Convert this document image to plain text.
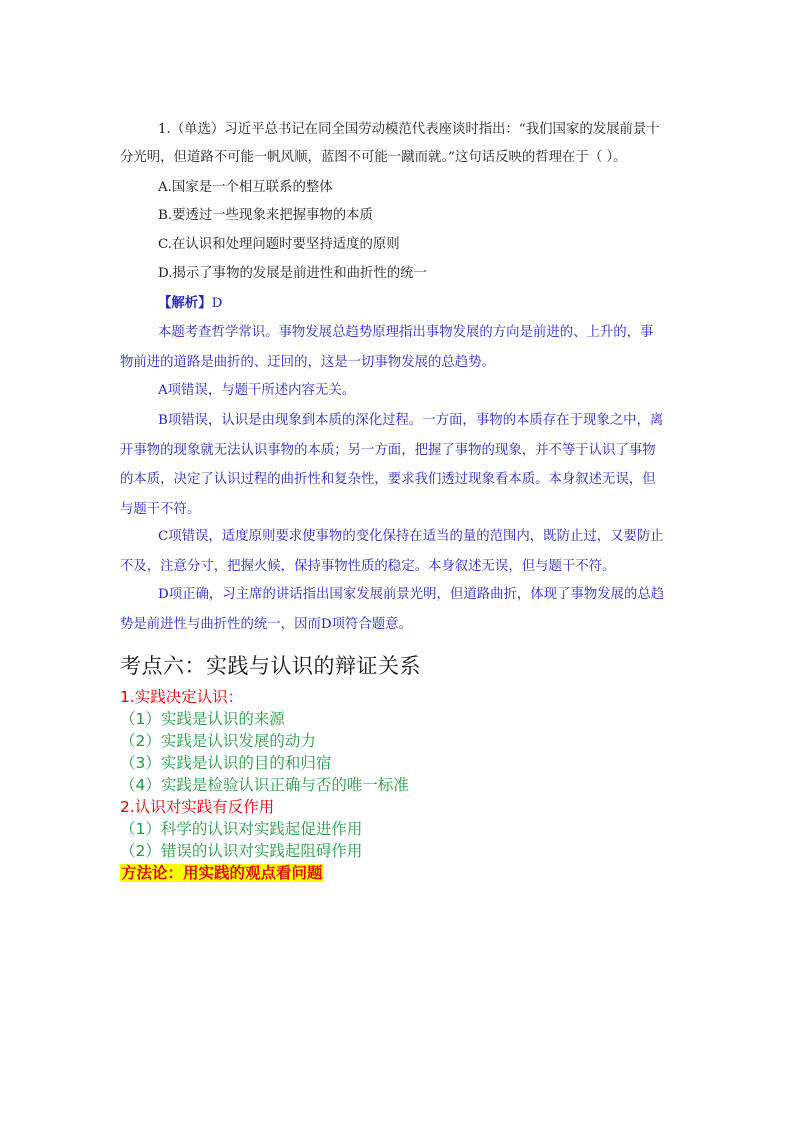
1.（单选）习近平总书记在同全国劳动模范代表座谈时指出：“我们国家的发展前景十分光明，但道路不可能一帆风顺，蓝图不可能一蹴而就。”这句话反映的哲理在于（ ）。

A.国家是一个相互联系的整体

B.要透过一些现象来把握事物的本质

C.在认识和处理问题时要坚持适度的原则

D.揭示了事物的发展是前进性和曲折性的统一

【解析】D

本题考查哲学常识。事物发展总趋势原理指出事物发展的方向是前进的、上升的，事物前进的道路是曲折的、迂回的，这是一切事物发展的总趋势。

A项错误，与题干所述内容无关。

B项错误，认识是由现象到本质的深化过程。一方面，事物的本质存在于现象之中，离开事物的现象就无法认识事物的本质；另一方面，把握了事物的现象，并不等于认识了事物的本质，决定了认识过程的曲折性和复杂性，要求我们透过现象看本质。本身叙述无误，但与题干不符。

C项错误，适度原则要求使事物的变化保持在适当的量的范围内，既防止过，又要防止不及，注意分寸，把握火候，保持事物性质的稳定。本身叙述无误，但与题干不符。

D项正确，习主席的讲话指出国家发展前景光明，但道路曲折，体现了事物发展的总趋势是前进性与曲折性的统一，因而D项符合题意。

考点六：实践与认识的辩证关系
1.实践决定认识：
（1）实践是认识的来源
（2）实践是认识发展的动力
（3）实践是认识的目的和归宿
（4）实践是检验认识正确与否的唯一标准
2.认识对实践有反作用
（1）科学的认识对实践起促进作用
（2）错误的认识对实践起阻碍作用
方法论：用实践的观点看问题
